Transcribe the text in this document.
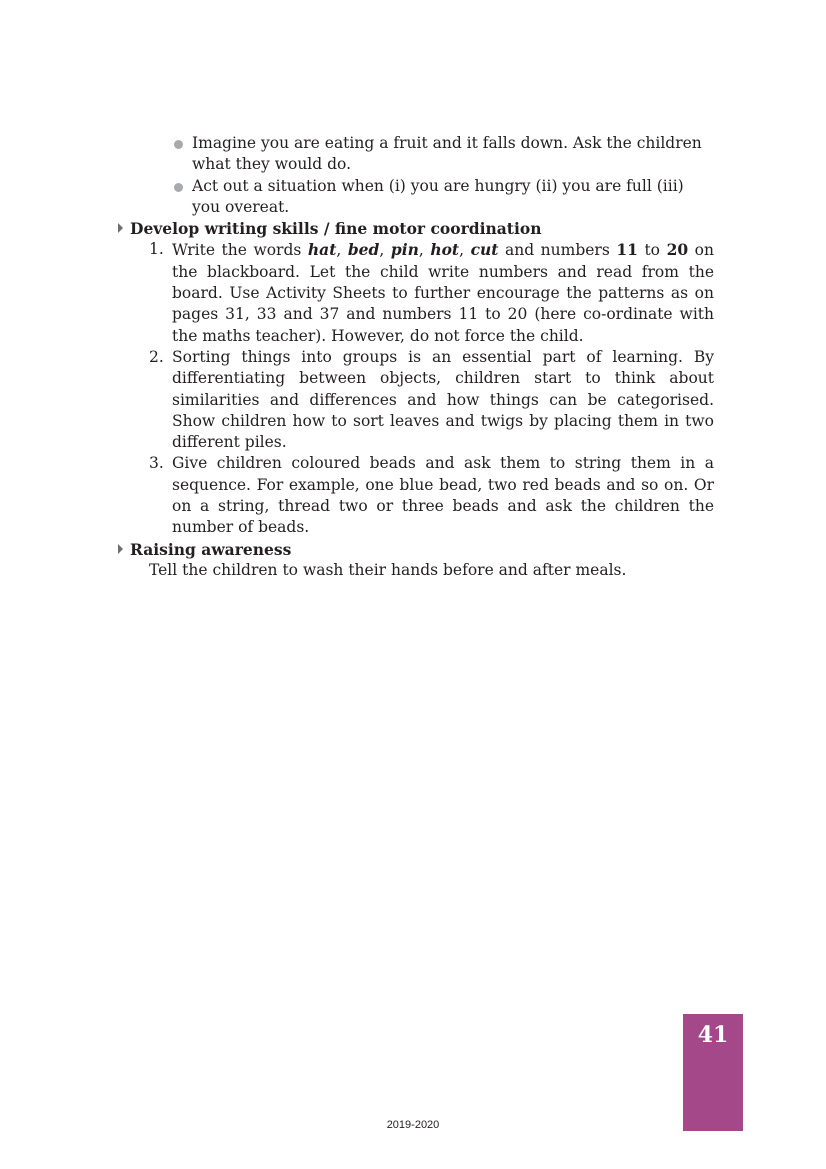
Imagine you are eating a fruit and it falls down. Ask the children what they would do.
Act out a situation when (i) you are hungry (ii) you are full (iii) you overeat.
Develop writing skills / fine motor coordination
1. Write the words hat, bed, pin, hot, cut and numbers 11 to 20 on the blackboard. Let the child write numbers and read from the board. Use Activity Sheets to further encourage the patterns as on pages 31, 33 and 37 and numbers 11 to 20 (here co-ordinate with the maths teacher). However, do not force the child.
2. Sorting things into groups is an essential part of learning. By differentiating between objects, children start to think about similarities and differences and how things can be categorised. Show children how to sort leaves and twigs by placing them in two different piles.
3. Give children coloured beads and ask them to string them in a sequence. For example, one blue bead, two red beads and so on. Or on a string, thread two or three beads and ask the children the number of beads.
Raising awareness
Tell the children to wash their hands before and after meals.
41
2019-2020
